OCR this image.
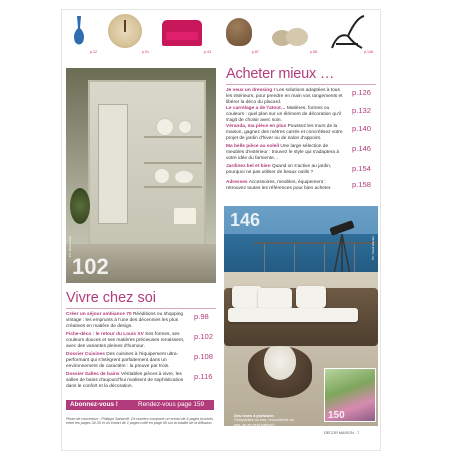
p.12	p.91	p.43	p.87	p.58	p.146
102
Ph : Bruno Suet
Acheter mieux …
Je veux un dressing ! Les solutions adaptées à tous les intérieurs, pour prendre en main vos rangements et libérer la déco du placard.
p.126
Le carrelage a de l'atout… Matières, formes ou couleurs : quel plan sur un élément de décoration qu'il s'agit de choisir avec soin.
p.132
Véranda, ma pièce en plus Poussez les murs de la maison, gagnez des mètres carrés et concrétisez votre projet de jardin d'hiver ou de salon d'appoint.
p.140
Ma belle pièce au soleil Une large sélection de meubles d'extérieur : trouvez le style qui s'adaptera à votre idée du farniente…
p.146
Jardinez bel et bien Quand on s'active au jardin, pourquoi ne pas utiliser de beaux outils ?	p.154
Adresses Accessoires, meubles, équipement : retrouvez toutes les références pour bien acheter.	p.158
146
150
Ph : Deidi Wacker
Des roses à profusion
Grimpantes ou non, rencontrées au pas, on en veut partout !
Vivre chez soi
Créer un séjour ambiance 70 Rééditions ou shopping vintage : les emprunts à l'une des décennies les plus créatives en matière de design.
p.98
Fiche-déco : le retour du Louis XV Ses formes, ses couleurs douces et ses matières précieuses renaissent, avec des variantes pleines d'humour.
p.102
Dossier Cuisines Des cuisines à l'équipement ultra-performant qui s'intègrent parfaitement dans un environnement de caractère : la preuve par trois.
p.108
Dossier Salles de bains Véritables pièces à vivre, les salles de bains d'aujourd'hui rivalisent de sophistication dans le confort et la décoration.
p.116
Abonnez-vous !	Rendez-vous page 159
Photo de couverture : Philippe Saharoff. Ce numéro comporte un encart de 4 pages brochés entre les pages 34-35 et un encart de 2 pages collé en page 99 sur la totalité de la diffusion.
DÉCOR MAISON - 7
